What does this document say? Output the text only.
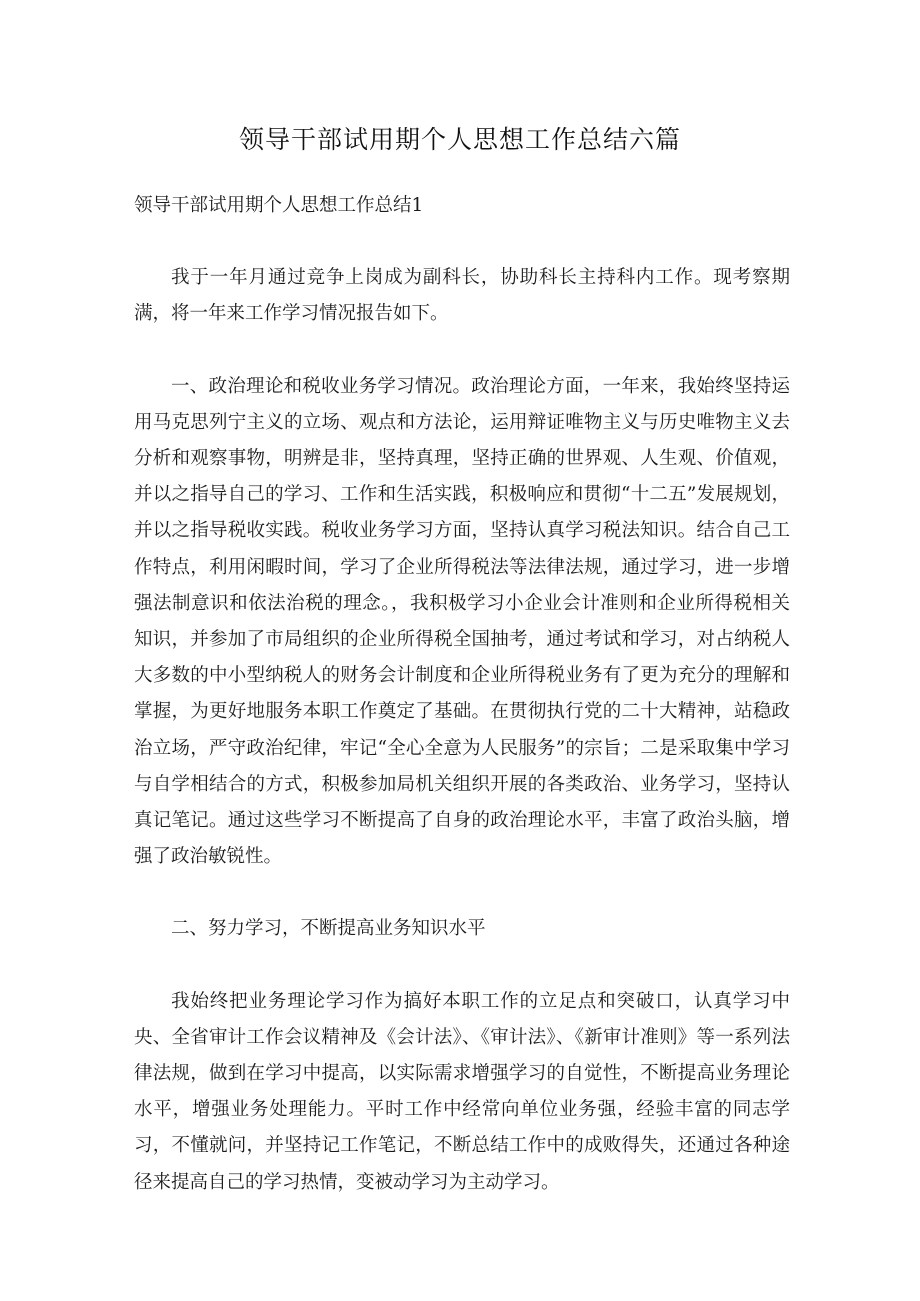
领导干部试用期个人思想工作总结六篇

领导干部试用期个人思想工作总结1

我于一年月通过竞争上岗成为副科长，协助科长主持科内工作。现考察期满，将一年来工作学习情况报告如下。

一、政治理论和税收业务学习情况。政治理论方面，一年来，我始终坚持运用马克思列宁主义的立场、观点和方法论，运用辩证唯物主义与历史唯物主义去分析和观察事物，明辨是非，坚持真理，坚持正确的世界观、人生观、价值观，并以之指导自己的学习、工作和生活实践，积极响应和贯彻“十二五”发展规划，并以之指导税收实践。税收业务学习方面，坚持认真学习税法知识。结合自己工作特点，利用闲暇时间，学习了企业所得税法等法律法规，通过学习，进一步增强法制意识和依法治税的理念。，我积极学习小企业会计准则和企业所得税相关知识，并参加了市局组织的企业所得税全国抽考，通过考试和学习，对占纳税人大多数的中小型纳税人的财务会计制度和企业所得税业务有了更为充分的理解和掌握，为更好地服务本职工作奠定了基础。在贯彻执行党的二十大精神，站稳政治立场，严守政治纪律，牢记“全心全意为人民服务”的宗旨；二是采取集中学习与自学相结合的方式，积极参加局机关组织开展的各类政治、业务学习，坚持认真记笔记。通过这些学习不断提高了自身的政治理论水平，丰富了政治头脑，增强了政治敏锐性。

二、努力学习，不断提高业务知识水平

我始终把业务理论学习作为搞好本职工作的立足点和突破口，认真学习中央、全省审计工作会议精神及《会计法》、《审计法》、《新审计准则》等一系列法律法规，做到在学习中提高，以实际需求增强学习的自觉性，不断提高业务理论水平，增强业务处理能力。平时工作中经常向单位业务强，经验丰富的同志学习，不懂就问，并坚持记工作笔记，不断总结工作中的成败得失，还通过各种途径来提高自己的学习热情，变被动学习为主动学习。
